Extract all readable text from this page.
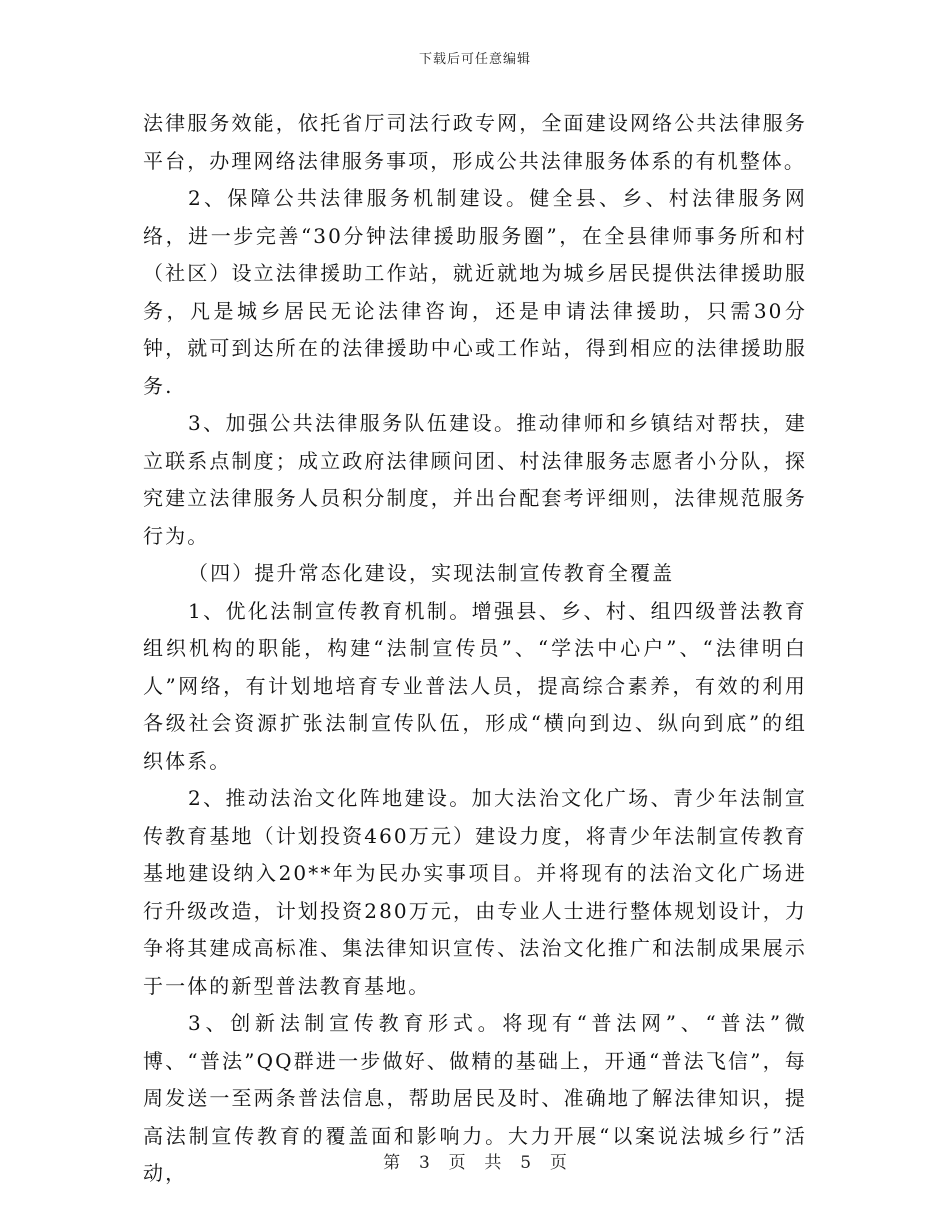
下载后可任意编辑

法律服务效能，依托省厅司法行政专网，全面建设网络公共法律服务平台，办理网络法律服务事项，形成公共法律服务体系的有机整体。

2、保障公共法律服务机制建设。健全县、乡、村法律服务网络，进一步完善“30分钟法律援助服务圈”，在全县律师事务所和村（社区）设立法律援助工作站，就近就地为城乡居民提供法律援助服务，凡是城乡居民无论法律咨询，还是申请法律援助，只需30分钟，就可到达所在的法律援助中心或工作站，得到相应的法律援助服务.

3、加强公共法律服务队伍建设。推动律师和乡镇结对帮扶，建立联系点制度；成立政府法律顾问团、村法律服务志愿者小分队，探究建立法律服务人员积分制度，并出台配套考评细则，法律规范服务行为。

（四）提升常态化建设，实现法制宣传教育全覆盖

1、优化法制宣传教育机制。增强县、乡、村、组四级普法教育组织机构的职能，构建“法制宣传员”、“学法中心户”、“法律明白人”网络，有计划地培育专业普法人员，提高综合素养，有效的利用各级社会资源扩张法制宣传队伍，形成“横向到边、纵向到底”的组织体系。

2、推动法治文化阵地建设。加大法治文化广场、青少年法制宣传教育基地（计划投资460万元）建设力度，将青少年法制宣传教育基地建设纳入20**年为民办实事项目。并将现有的法治文化广场进行升级改造，计划投资280万元，由专业人士进行整体规划设计，力争将其建成高标准、集法律知识宣传、法治文化推广和法制成果展示于一体的新型普法教育基地。

3、创新法制宣传教育形式。将现有“普法网”、“普法”微博、“普法”QQ群进一步做好、做精的基础上，开通“普法飞信”，每周发送一至两条普法信息，帮助居民及时、准确地了解法律知识，提高法制宣传教育的覆盖面和影响力。大力开展“以案说法城乡行”活动，	第 3 页 共 5 页
